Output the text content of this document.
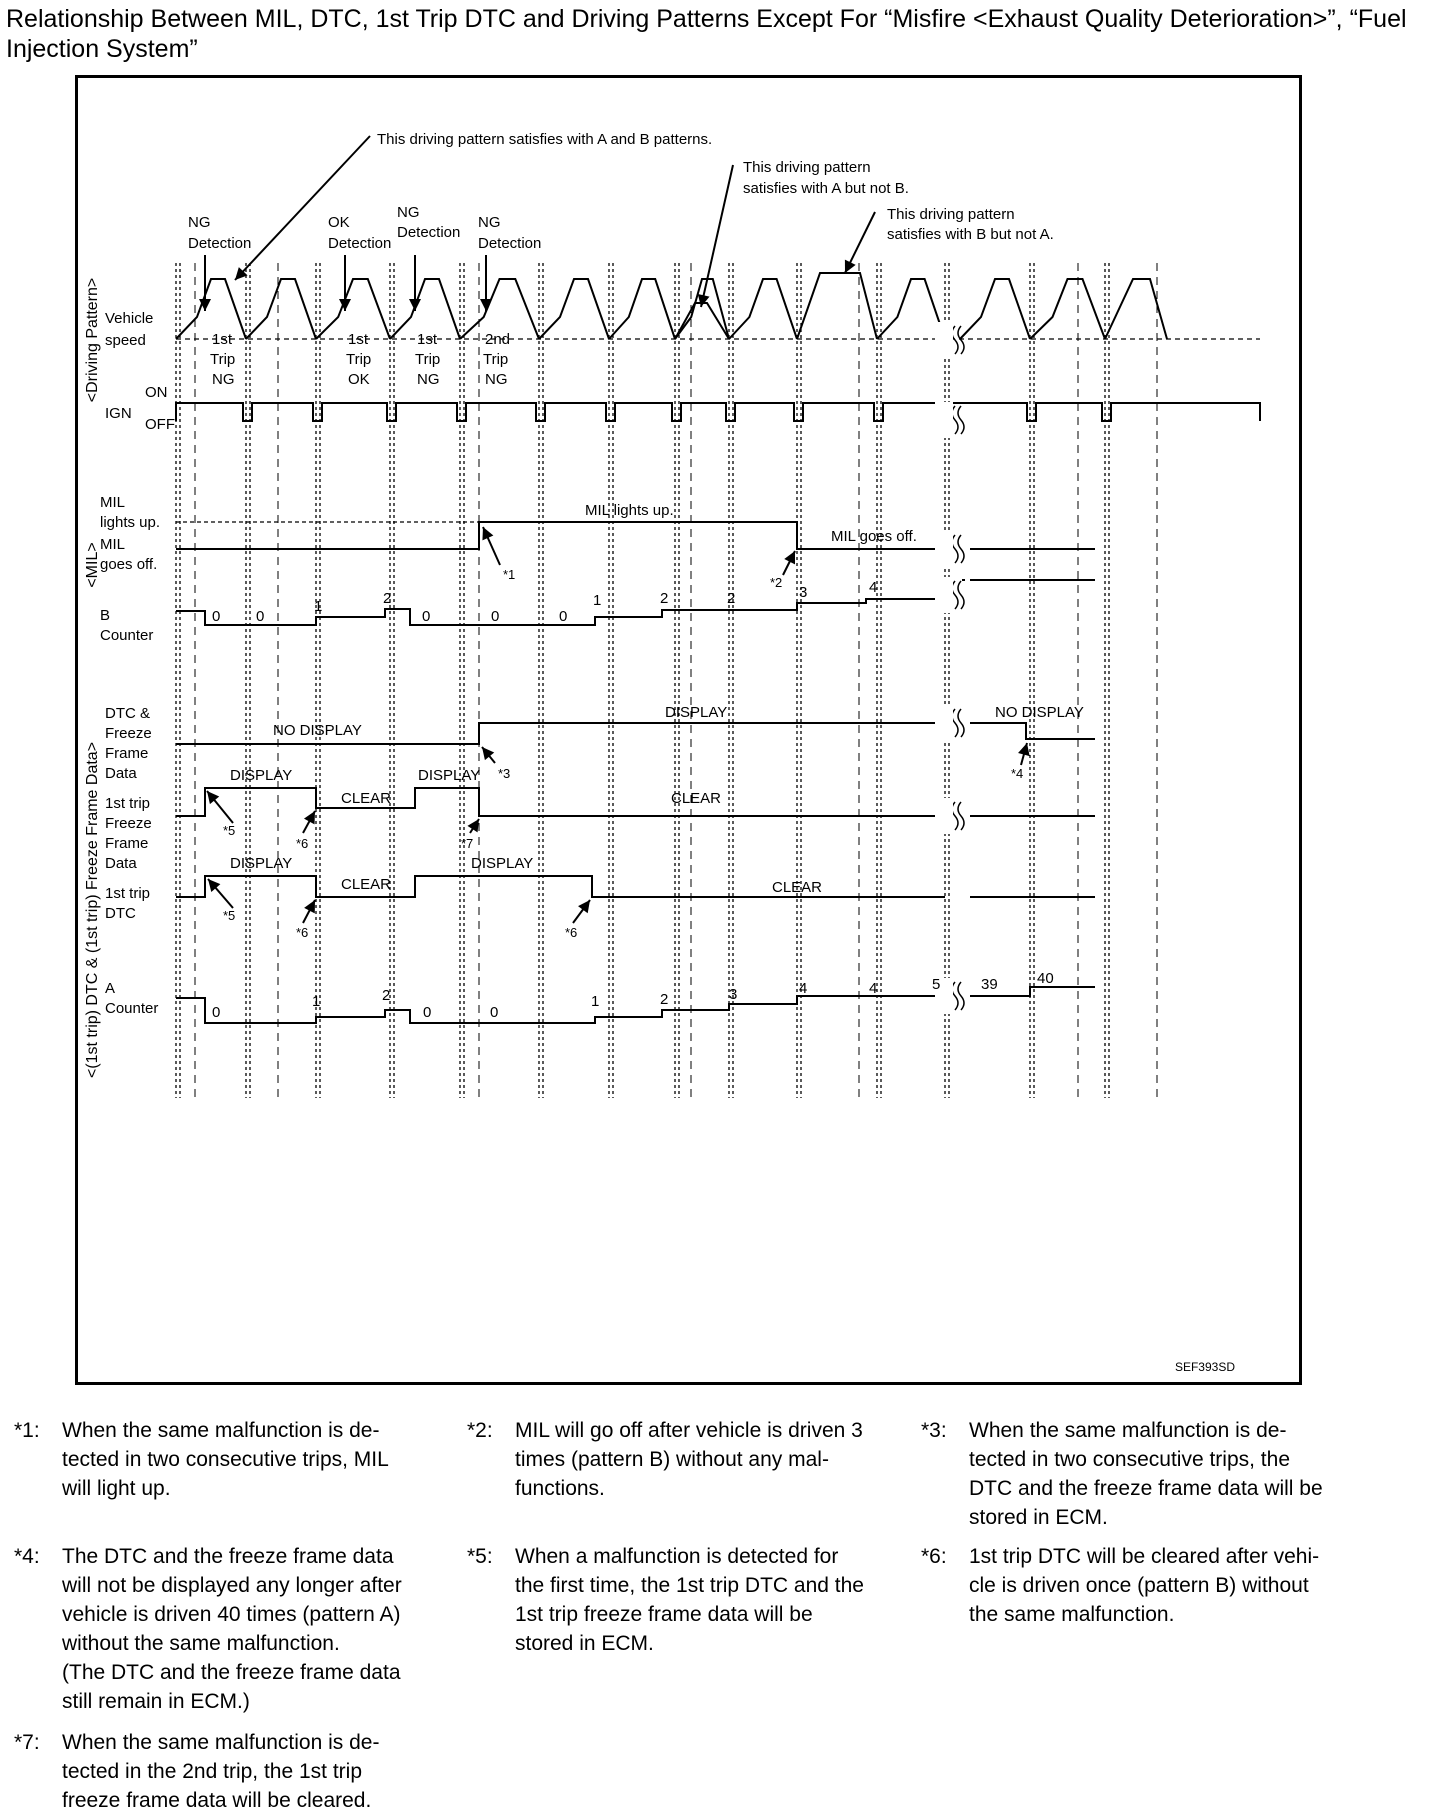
Relationship Between MIL, DTC, 1st Trip DTC and Driving Patterns Except For “Misfire <Exhaust Quality Deterioration>”, “Fuel Injection System”
<Driving Pattern>
<MIL>
<(1st trip) DTC & (1st trip) Freeze Frame Data>
Vehicle
speed
IGN
ON
OFF
MIL
lights up.
MIL
goes off.
B
Counter
DTC &
Freeze
Frame
Data
1st trip
Freeze
Frame
Data
1st trip
DTC
A
Counter
This driving pattern satisfies with A and B patterns.
This driving pattern
satisfies with A but not B.
This driving pattern
satisfies with B but not A.
NG
Detection
OK
Detection
NG
Detection
NG
Detection
1st
Trip
NG
1st
Trip
OK
1st
Trip
NG
2nd
Trip
NG
MIL lights up.
MIL goes off.
NO DISPLAY
DISPLAY	NO DISPLAY
DISPLAY
CLEAR
DISPLAY
CLEAR
DISPLAY
CLEAR
DISPLAY
CLEAR
0 0
1	2
0	0	0
1	2	2	3	4
0
1	2
0	0
1	2	3	4	4	5	39	40
*1
*2
*3	*4
*5
*6	*7
*5
*6	*6
SEF393SD
*1: When the same malfunction is de-
tected in two consecutive trips, MIL
will light up.
*2: MIL will go off after vehicle is driven 3
times (pattern B) without any mal-
functions.
*3: When the same malfunction is de-
tected in two consecutive trips, the
DTC and the freeze frame data will be
stored in ECM.
*4: The DTC and the freeze frame data
will not be displayed any longer after
vehicle is driven 40 times (pattern A)
without the same malfunction.
(The DTC and the freeze frame data
still remain in ECM.)
*5: When a malfunction is detected for
the first time, the 1st trip DTC and the
1st trip freeze frame data will be
stored in ECM.
*6: 1st trip DTC will be cleared after vehi-
cle is driven once (pattern B) without
the same malfunction.
*7: When the same malfunction is de-
tected in the 2nd trip, the 1st trip
freeze frame data will be cleared.
